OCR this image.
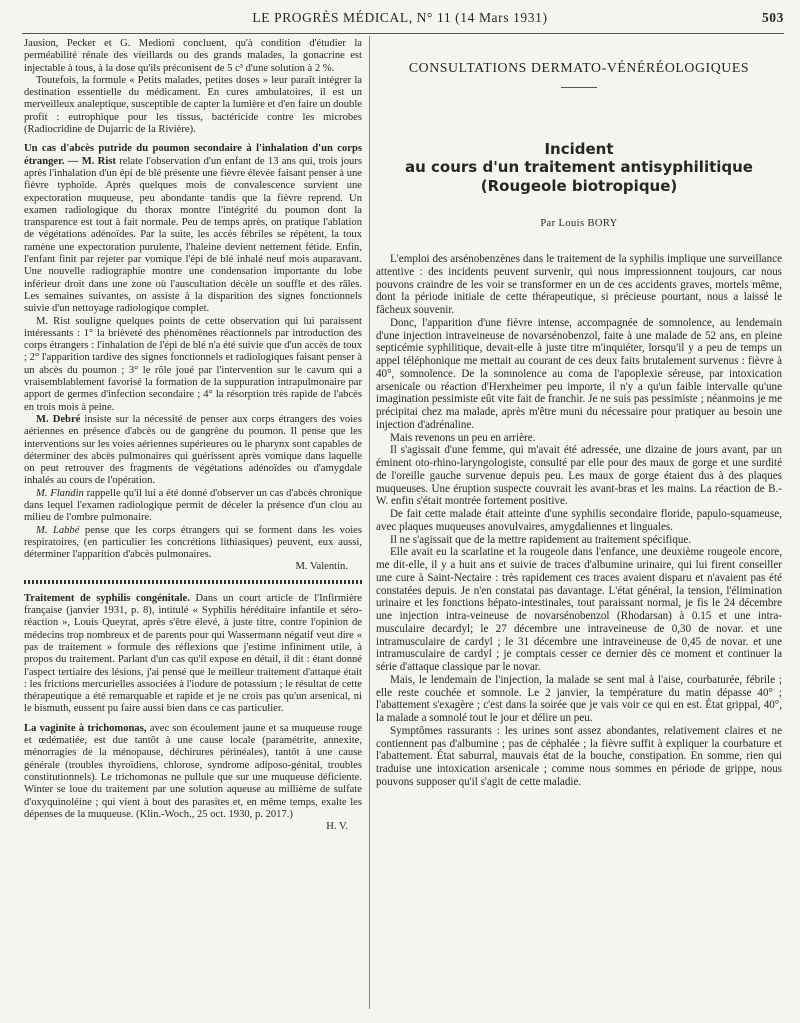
LE PROGRÈS MÉDICAL, N° 11 (14 Mars 1931)	503

Jausion, Pecker et G. Medioni concluent, qu'à condition d'étudier la perméabilité rénale des vieillards ou des grands malades, la gonacrine est injectable à tous, à la dose qu'ils préconisent de 5 c³ d'une solution à 2 %.

Toutefois, la formule « Petits malades, petites doses » leur paraît intégrer la destination essentielle du médicament. En cures ambulatoires, il est un merveilleux analeptique, susceptible de capter la lumière et d'en faire un double profit : eutrophique pour les tissus, bactéricide contre les microbes (Radiocridine de Dujarric de la Rivière).

Un cas d'abcès putride du poumon secondaire à l'inhalation d'un corps étranger. — M. Rist relate l'observation d'un enfant de 13 ans qui, trois jours après l'inhalation d'un épi de blé présente une fièvre élevée faisant penser à une fièvre typhoïde. Après quelques mois de convalescence survient une expectoration muqueuse, peu abondante tandis que la fièvre reprend. Un examen radiologique du thorax montre l'intégrité du poumon dont la transparence est tout à fait normale. Peu de temps après, on pratique l'ablation de végétations adénoïdes. Par la suite, les accès fébriles se répètent, la toux ramène une expectoration purulente, l'haleine devient nettement fétide. Enfin, l'enfant finit par rejeter par vomique l'épi de blé inhalé neuf mois auparavant. Une nouvelle radiographie montre une condensation importante du lobe inférieur droit dans une zone où l'auscultation décèle un souffle et des râles. Les semaines suivantes, on assiste à la disparition des signes fonctionnels suivie d'un nettoyage radiologique complet.

M. Rist souligne quelques points de cette observation qui lui paraissent intéressants : 1° la brièveté des phénomènes réactionnels par introduction des corps étrangers : l'inhalation de l'épi de blé n'a été suivie que d'un accès de toux ; 2° l'apparition tardive des signes fonctionnels et radiologiques faisant penser à un abcès du poumon ; 3° le rôle joué par l'intervention sur le cavum qui a vraisemblablement favorisé la formation de la suppuration intrapulmonaire par apport de germes d'infection secondaire ; 4° la résorption très rapide de l'abcès en trois mois à peine.

M. Debré insiste sur la nécessité de penser aux corps étrangers des voies aériennes en présence d'abcès ou de gangrène du poumon. Il pense que les interventions sur les voies aériennes supérieures ou le pharynx sont capables de déterminer des abcès pulmonaires qui guérissent après vomique dans laquelle on peut retrouver des fragments de végétations adénoïdes ou d'amygdale inhalés au cours de l'opération.

M. Flandin rappelle qu'il lui a été donné d'observer un cas d'abcès chronique dans lequel l'examen radiologique permit de déceler la présence d'un clou au milieu de l'ombre pulmonaire.

M. Labbé pense que les corps étrangers qui se forment dans les voies respiratoires, (en particulier les concrétions lithiasiques) peuvent, eux aussi, déterminer l'apparition d'abcès pulmonaires.

M. Valentin.

Traitement de syphilis congénitale. Dans un court article de l'Infirmière française (janvier 1931, p. 8), intitulé « Syphilis héréditaire infantile et séro-réaction », Louis Queyrat, après s'être élevé, à juste titre, contre l'opinion de médecins trop nombreux et de parents pour qui Wassermann négatif veut dire « pas de traitement » formule des réflexions que j'estime infiniment utile, à propos du traitement. Parlant d'un cas qu'il expose en détail, il dit : étant donné l'aspect tertiaire des lésions, j'ai pensé que le meilleur traitement d'attaque était : les frictions mercurielles associées à l'iodure de potassium ; le résultat de cette thérapeutique a été remarquable et rapide et je ne crois pas qu'un arsenical, ni le bismuth, eussent pu faire aussi bien dans ce cas particulier.

La vaginite à trichomonas, avec son écoulement jaune et sa muqueuse rouge et œdématiée, est due tantôt à une cause locale (paramétrite, annexite, ménorragies de la ménopause, déchirures périnéales), tantôt à une cause générale (troubles thyroïdiens, chlorose, syndrome adiposo-génital, troubles constitutionnels). Le trichomonas ne pullule que sur une muqueuse déficiente. Winter se loue du traitement par une solution aqueuse au millième de sulfate d'oxyquinoléine ; qui vient à bout des parasites et, en même temps, exalte les dépenses de la muqueuse. (Klin.-Woch., 25 oct. 1930, p. 2017.)

H. V.

CONSULTATIONS DERMATO-VÉNÉRÉOLOGIQUES
Incident
au cours d'un traitement antisyphilitique
(Rougeole biotropique)
Par Louis BORY

L'emploi des arsénobenzènes dans le traitement de la syphilis implique une surveillance attentive : des incidents peuvent survenir, qui nous impressionnent toujours, car nous pouvons craindre de les voir se transformer en un de ces accidents graves, mortels même, dont la période initiale de cette thérapeutique, si précieuse pourtant, nous a laissé le fâcheux souvenir.

Donc, l'apparition d'une fièvre intense, accompagnée de somnolence, au lendemain d'une injection intraveineuse de novarsénobenzol, faite à une malade de 52 ans, en pleine septicémie syphilitique, devait-elle à juste titre m'inquiéter, lorsqu'il y a peu de temps un appel téléphonique me mettait au courant de ces deux faits brutalement survenus : fièvre à 40°, somnolence. De la somnolence au coma de l'apoplexie séreuse, par intoxication arsenicale ou réaction d'Herxheimer peu importe, il n'y a qu'un faible intervalle qu'une imagination pessimiste eût vite fait de franchir. Je ne suis pas pessimiste ; néanmoins je me précipitai chez ma malade, après m'être muni du nécessaire pour pratiquer au besoin une injection d'adrénaline.

Mais revenons un peu en arrière.

Il s'agissait d'une femme, qui m'avait été adressée, une dizaine de jours avant, par un éminent oto-rhino-laryngologiste, consulté par elle pour des maux de gorge et une surdité de l'oreille gauche survenue depuis peu. Les maux de gorge étaient dus à des plaques muqueuses. Une éruption suspecte couvrait les avant-bras et les mains. La réaction de B.-W. enfin s'était montrée fortement positive.

De fait cette malade était atteinte d'une syphilis secondaire floride, papulo-squameuse, avec plaques muqueuses anovulvaires, amygdaliennes et linguales.

Il ne s'agissait que de la mettre rapidement au traitement spécifique.

Elle avait eu la scarlatine et la rougeole dans l'enfance, une deuxième rougeole encore, me dit-elle, il y a huit ans et suivie de traces d'albumine urinaire, qui lui firent conseiller une cure à Saint-Nectaire : très rapidement ces traces avaient disparu et n'avaient pas été constatées depuis. Je n'en constatai pas davantage. L'état général, la tension, l'élimination urinaire et les fonctions hépato-intestinales, tout paraissant normal, je fis le 24 décembre une injection intra-veineuse de novarsénobenzol (Rhodarsan) à 0.15 et une intra-musculaire decardyl; le 27 décembre une intraveineuse de 0,30 de novar. et une intramusculaire de cardyl ; le 31 décembre une intraveineuse de 0,45 de novar. et une intramusculaire de cardyl ; je comptais cesser ce dernier dès ce moment et continuer la série d'attaque classique par le novar.

Mais, le lendemain de l'injection, la malade se sent mal à l'aise, courbaturée, fébrile ; elle reste couchée et somnole. Le 2 janvier, la température du matin dépasse 40° ; l'abattement s'exagère ; c'est dans la soirée que je vais voir ce qui en est. État grippal, 40°, la malade a somnolé tout le jour et délire un peu.

Symptômes rassurants : les urines sont assez abondantes, relativement claires et ne contiennent pas d'albumine ; pas de céphalée ; la fièvre suffit à expliquer la courbature et l'abattement. État saburral, mauvais état de la bouche, constipation. En somme, rien qui traduise une intoxication arsenicale ; comme nous sommes en période de grippe, nous pouvons supposer qu'il s'agit de cette maladie.
